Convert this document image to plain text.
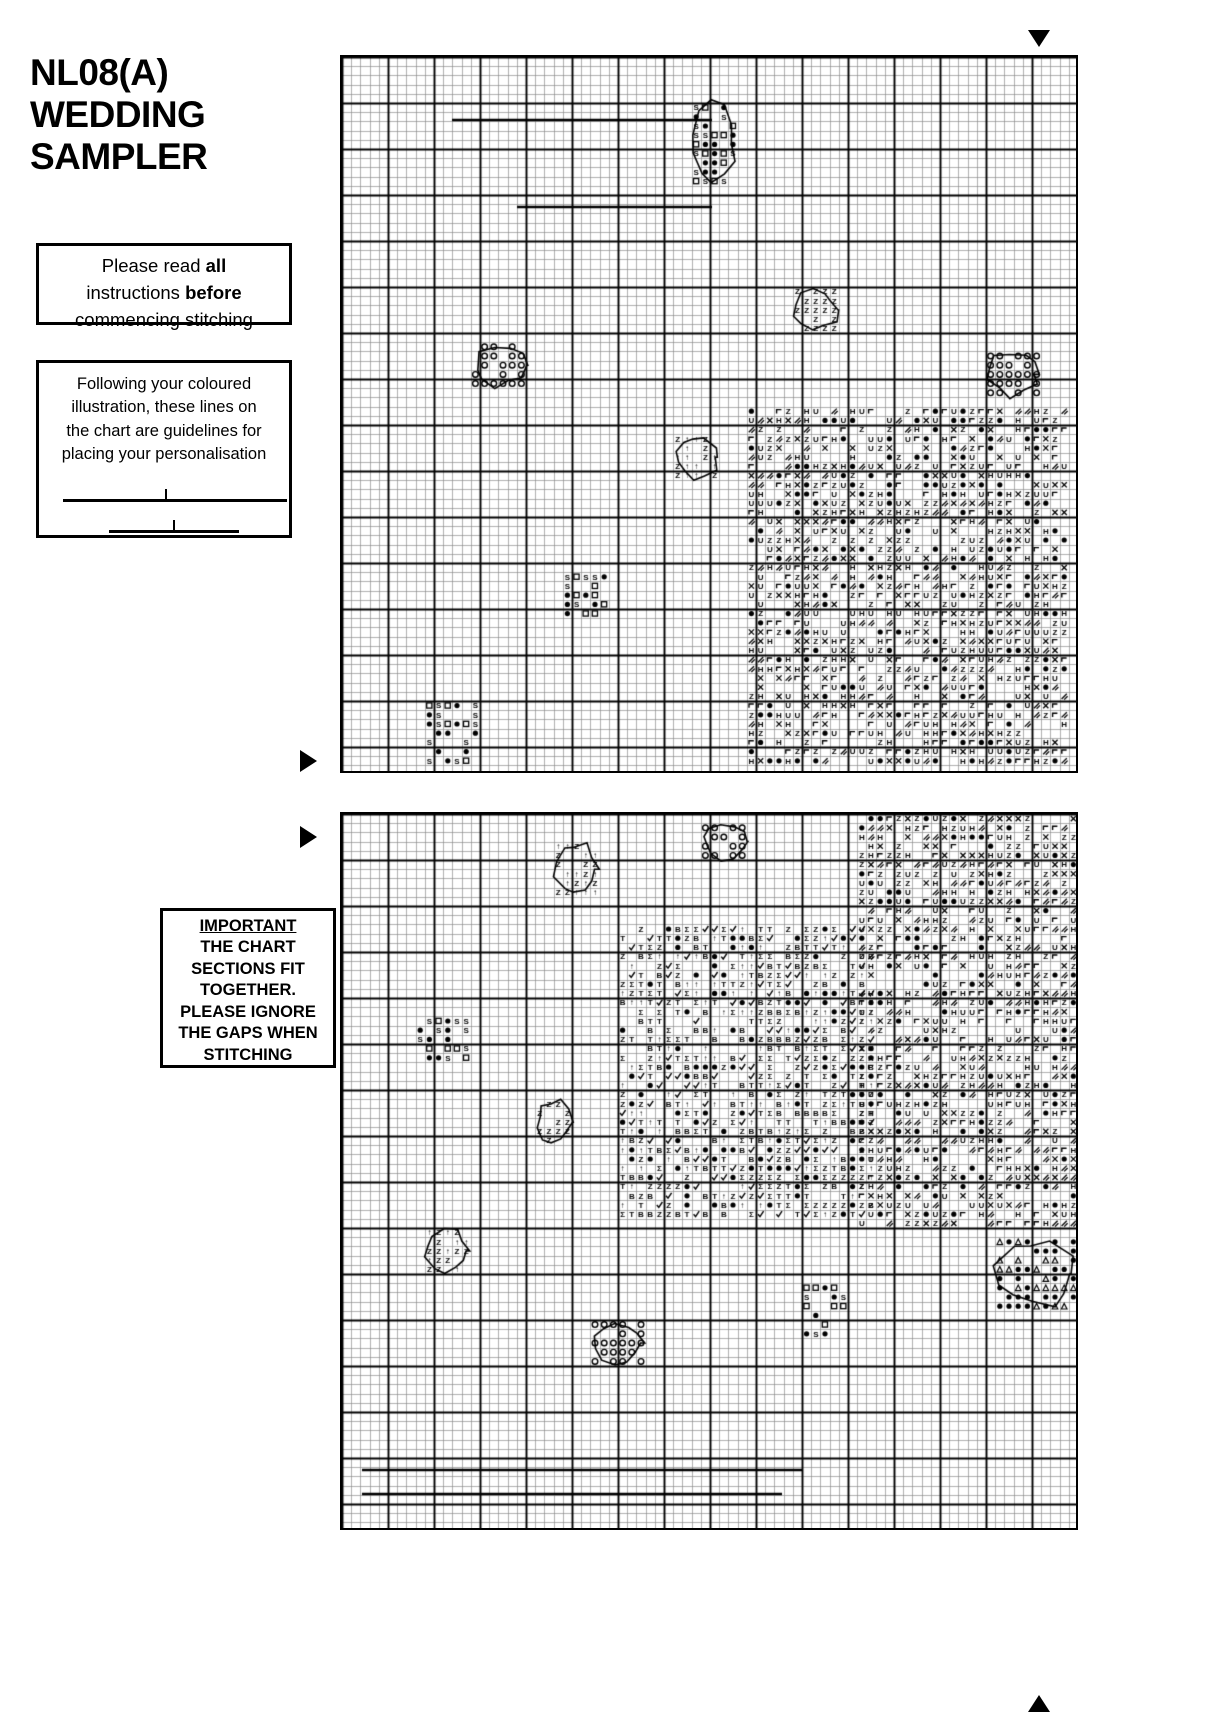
NL08(A)
WEDDING
SAMPLER
Please read all
instructions before
commencing stitching
Following your coloured
illustration, these lines on
the chart are guidelines for
placing your personalisation
IMPORTANT
THE CHART
SECTIONS FIT
TOGETHER.
PLEASE IGNORE
THE GAPS WHEN
STITCHING
